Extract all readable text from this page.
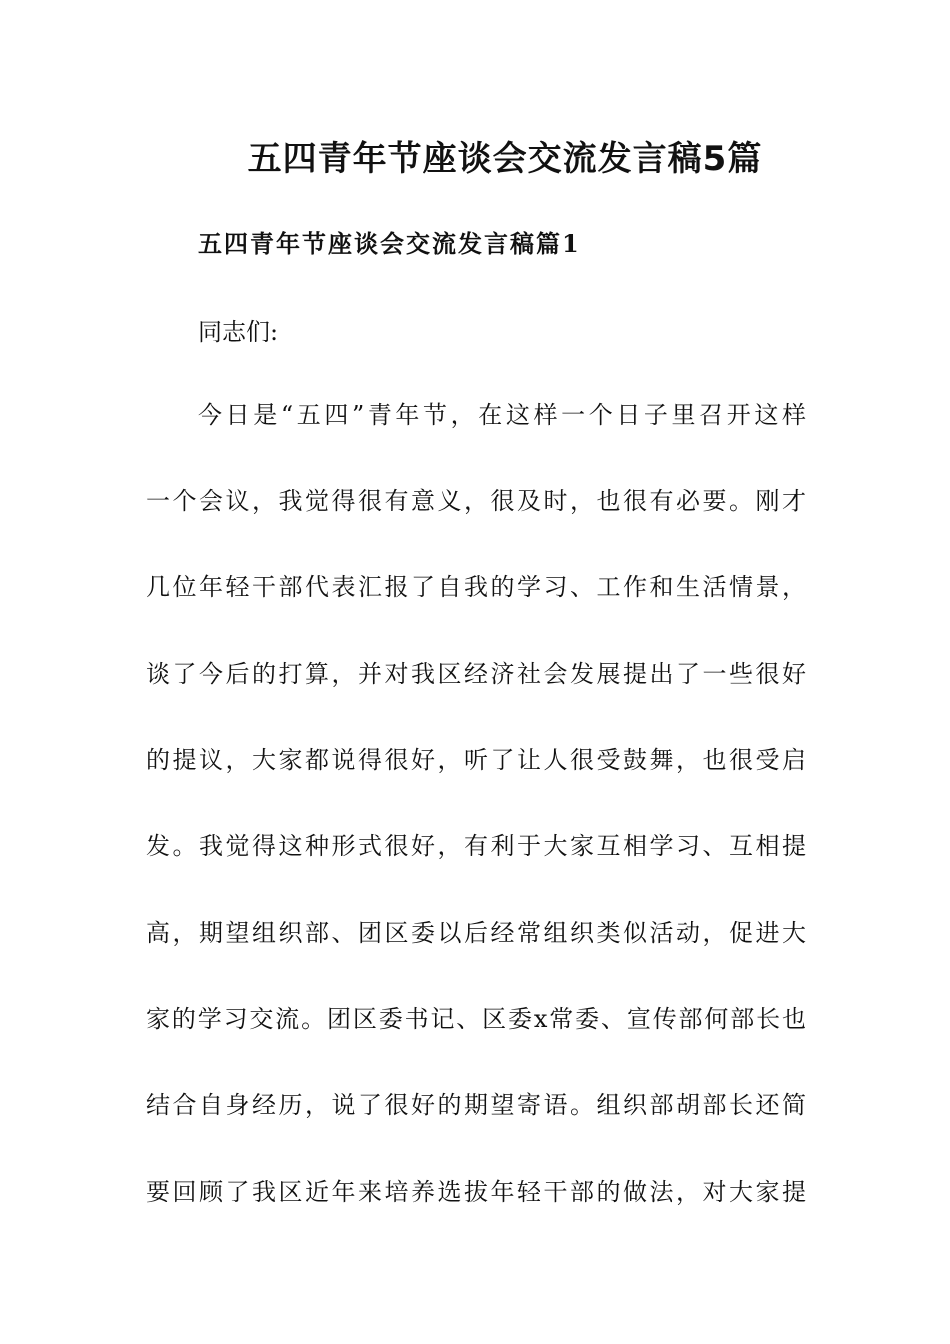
五四青年节座谈会交流发言稿5篇
五四青年节座谈会交流发言稿篇1
同志们:
今日是“五四”青年节，在这样一个日子里召开这样
一个会议，我觉得很有意义，很及时，也很有必要。刚才
几位年轻干部代表汇报了自我的学习、工作和生活情景，
谈了今后的打算，并对我区经济社会发展提出了一些很好
的提议，大家都说得很好，听了让人很受鼓舞，也很受启
发。我觉得这种形式很好，有利于大家互相学习、互相提
高，期望组织部、团区委以后经常组织类似活动，促进大
家的学习交流。团区委书记、区委x常委、宣传部何部长也
结合自身经历，说了很好的期望寄语。组织部胡部长还简
要回顾了我区近年来培养选拔年轻干部的做法，对大家提
